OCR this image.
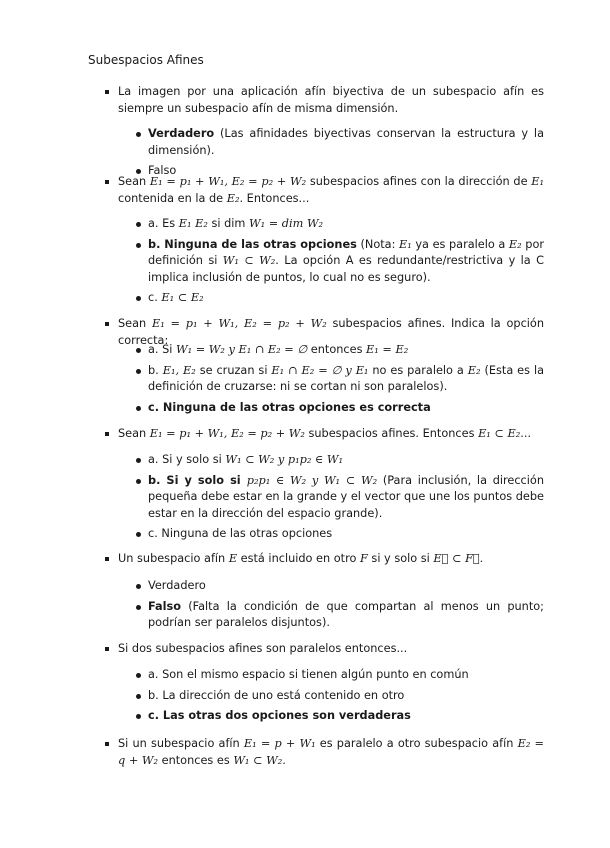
Subespacios Afines
La imagen por una aplicación afín biyectiva de un subespacio afín es siempre un subespacio afín de misma dimensión.
Verdadero (Las afinidades biyectivas conservan la estructura y la dimensión).
Falso
Sean E₁ = p₁ + W₁, E₂ = p₂ + W₂ subespacios afines con la dirección de E₁ contenida en la de E₂. Entonces...
a. Es E₁ E₂ si dim W₁ = dim W₂
b. Ninguna de las otras opciones (Nota: E₁ ya es paralelo a E₂ por definición si W₁ ⊂ W₂. La opción A es redundante/restrictiva y la C implica inclusión de puntos, lo cual no es seguro).
c. E₁ ⊂ E₂
Sean E₁ = p₁ + W₁, E₂ = p₂ + W₂ subespacios afines. Indica la opción correcta:
a. Si W₁ = W₂ y E₁ ∩ E₂ = ∅ entonces E₁ = E₂
b. E₁, E₂ se cruzan si E₁ ∩ E₂ = ∅ y E₁ no es paralelo a E₂ (Esta es la definición de cruzarse: ni se cortan ni son paralelos).
c. Ninguna de las otras opciones es correcta
Sean E₁ = p₁ + W₁, E₂ = p₂ + W₂ subespacios afines. Entonces E₁ ⊂ E₂...
a. Si y solo si W₁ ⊂ W₂ y p₁p₂ ∈ W₁
b. Si y solo si p₂p₁ ∈ W₂ y W₁ ⊂ W₂ (Para inclusión, la dirección pequeña debe estar en la grande y el vector que une los puntos debe estar en la dirección del espacio grande).
c. Ninguna de las otras opciones
Un subespacio afín E está incluido en otro F si y solo si E⃗ ⊂ F⃗.
Verdadero
Falso (Falta la condición de que compartan al menos un punto; podrían ser paralelos disjuntos).
Si dos subespacios afines son paralelos entonces...
a. Son el mismo espacio si tienen algún punto en común
b. La dirección de uno está contenido en otro
c. Las otras dos opciones son verdaderas
Si un subespacio afín E₁ = p + W₁ es paralelo a otro subespacio afín E₂ = q + W₂ entonces es W₁ ⊂ W₂.
